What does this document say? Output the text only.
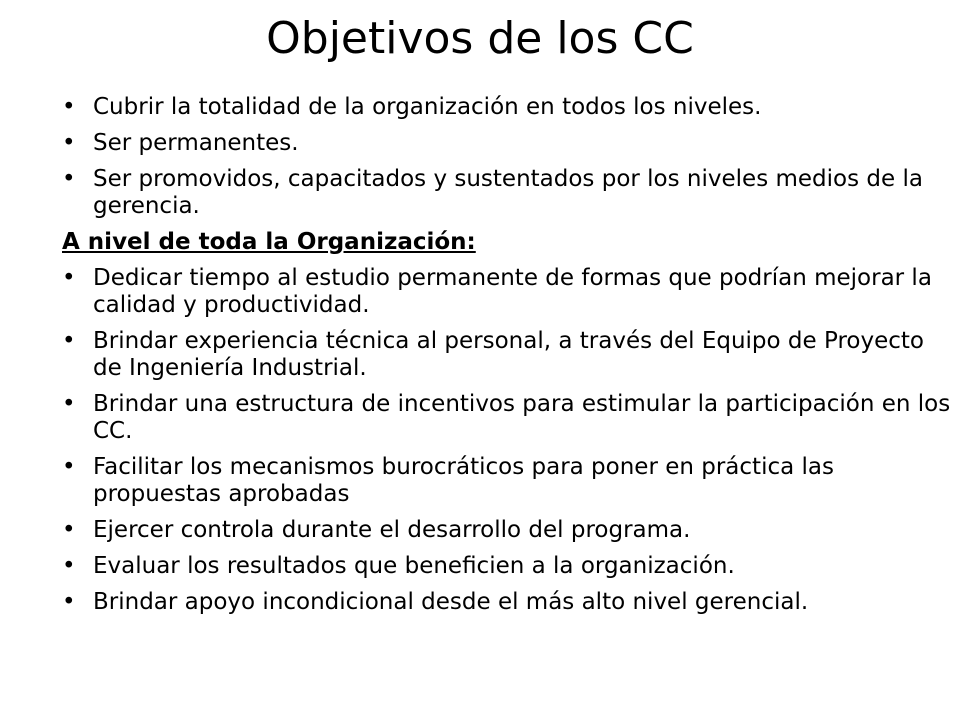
Objetivos de los CC
• Cubrir la totalidad de la organización en todos los niveles.
• Ser permanentes.
• Ser promovidos, capacitados y sustentados por los niveles medios de la gerencia.
A nivel de toda la Organización:
• Dedicar tiempo al estudio permanente de formas que podrían mejorar la calidad y productividad.
• Brindar experiencia técnica al personal, a través del Equipo de Proyecto de Ingeniería Industrial.
• Brindar una estructura de incentivos para estimular la participación en los CC.
• Facilitar los mecanismos burocráticos para poner en práctica las propuestas aprobadas
• Ejercer controla durante el desarrollo del programa.
• Evaluar los resultados que beneficien a la organización.
• Brindar apoyo incondicional desde el más alto nivel gerencial.
